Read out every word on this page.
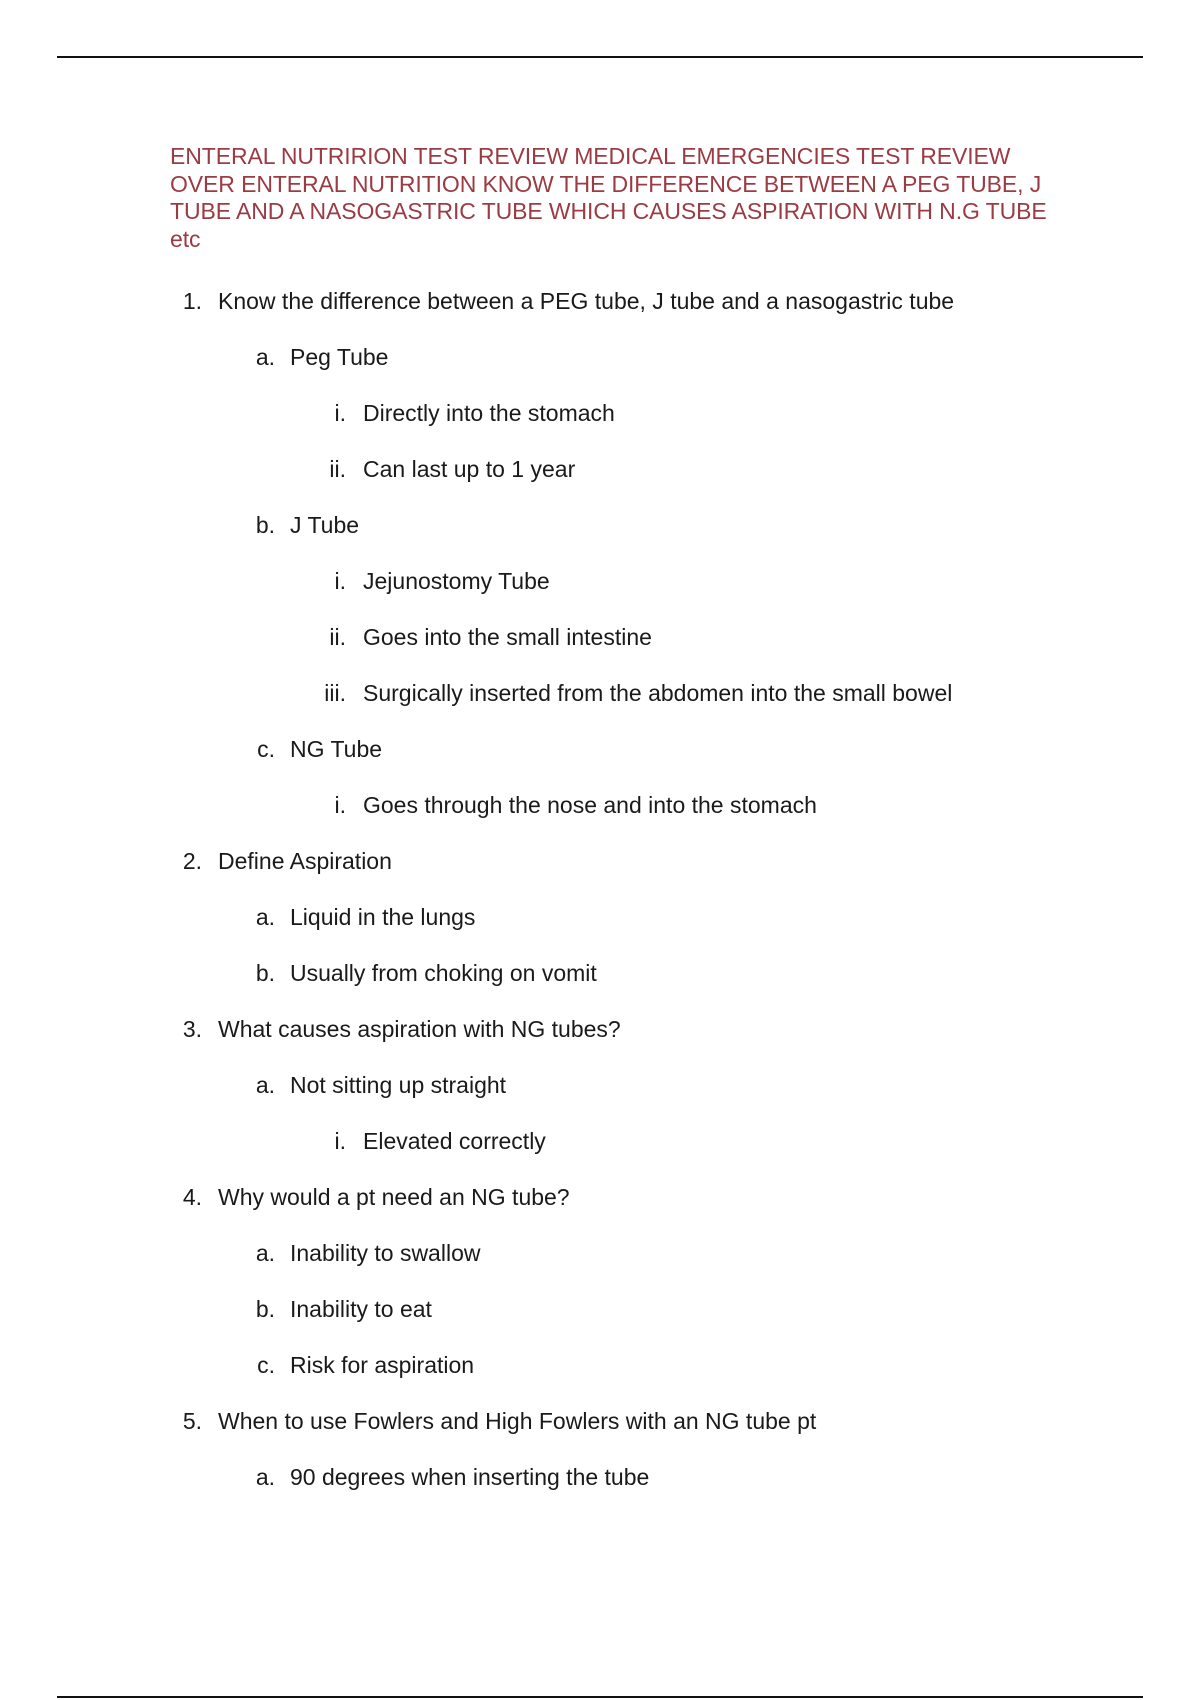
ENTERAL NUTRIRION TEST REVIEW MEDICAL EMERGENCIES TEST REVIEW OVER ENTERAL NUTRITION KNOW THE DIFFERENCE BETWEEN A PEG TUBE, J TUBE AND A NASOGASTRIC TUBE WHICH CAUSES ASPIRATION WITH N.G TUBE etc
1. Know the difference between a PEG tube, J tube and a nasogastric tube
a. Peg Tube
i. Directly into the stomach
ii. Can last up to 1 year
b. J Tube
i. Jejunostomy Tube
ii. Goes into the small intestine
iii. Surgically inserted from the abdomen into the small bowel
c. NG Tube
i. Goes through the nose and into the stomach
2. Define Aspiration
a. Liquid in the lungs
b. Usually from choking on vomit
3. What causes aspiration with NG tubes?
a. Not sitting up straight
i. Elevated correctly
4. Why would a pt need an NG tube?
a. Inability to swallow
b. Inability to eat
c. Risk for aspiration
5. When to use Fowlers and High Fowlers with an NG tube pt
a. 90 degrees when inserting the tube
